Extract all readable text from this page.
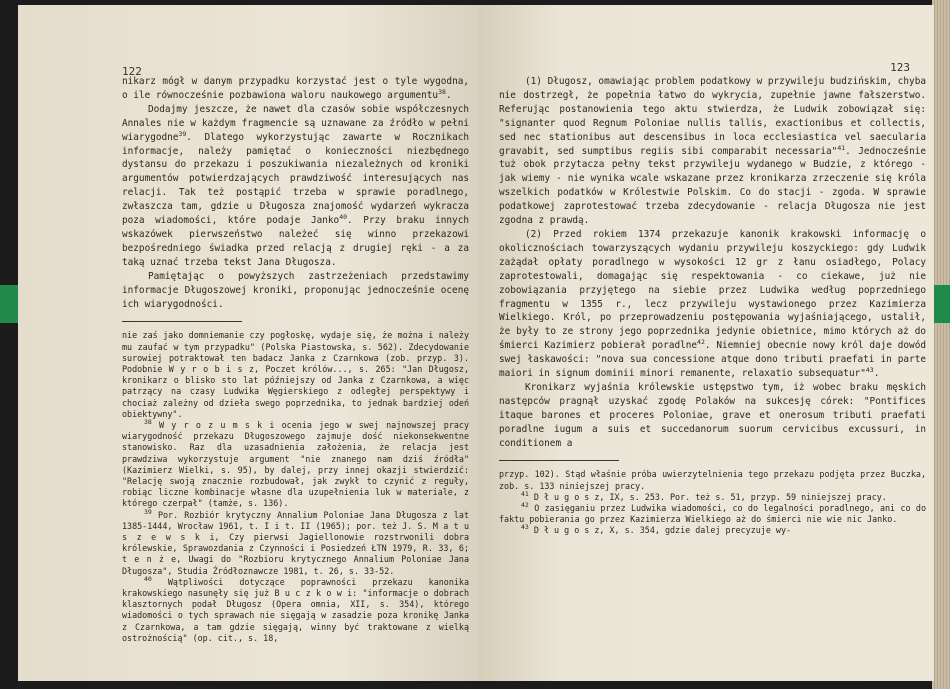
122

nikarz mógł w danym przypadku korzystać jest o tyle wygodna, o ile równocześnie pozbawiona waloru naukowego argumentu$^{38}$.

Dodajmy jeszcze, że nawet dla czasów sobie współczesnych Annales nie w każdym fragmencie są uznawane za źródło w pełni wiarygodne$^{39}$. Dlatego wykorzystując zawarte w Rocznikach informacje, należy pamiętać o konieczności niezbędnego dystansu do przekazu i poszukiwania niezależnych od kroniki argumentów potwierdzających prawdziwość interesujących nas relacji. Tak też postąpić trzeba w sprawie poradlnego, zwłaszcza tam, gdzie u Długosza znajomość wydarzeń wykracza poza wiadomości, które podaje Janko$^{40}$. Przy braku innych wskazówek pierwszeństwo należeć się winno przekazowi bezpośredniego świadka przed relacją z drugiej ręki - a za taką uznać trzeba tekst Jana Długosza.

Pamiętając o powyższych zastrzeżeniach przedstawimy informacje Długoszowej kroniki, proponując jednocześnie ocenę ich wiarygodności.

nie zaś jako domniemanie czy pogłoskę, wydaje się, że można i należy mu zaufać w tym przypadku" (Polska Piastowska, s. 562). Zdecydowanie surowiej potraktował ten badacz Janka z Czarnkowa (zob. przyp. 3). Podobnie W y r o b i s z, Poczet królów..., s. 265: "Jan Długosz, kronikarz o blisko sto lat późniejszy od Janka z Czarnkowa, a więc patrzący na czasy Ludwika Węgierskiego z odległej perspektywy i chociaż zależny od dzieła swego poprzednika, to jednak bardziej odeń obiektywny".

$^{38}$ W y r o z u m s k i ocenia jego w swej najnowszej pracy wiarygodność przekazu Długoszowego zajmuje dość niekonsekwentne stanowisko. Raz dla uzasadnienia założenia, że relacja jest prawdziwa wykorzystuje argument "nie znanego nam dziś źródła" (Kazimierz Wielki, s. 95), by dalej, przy innej okazji stwierdzić: "Relację swoją znacznie rozbudował, jak zwykł to czynić z reguły, robiąc liczne kombinacje własne dla uzupełnienia luk w materiale, z którego czerpał" (tamże, s. 136).

$^{39}$ Por. Rozbiór krytyczny Annalium Poloniae Jana Długosza z lat 1385-1444, Wrocław 1961, t. I i t. II (1965); por. też J. S. M a t u s z e w s k i, Czy pierwsi Jagiellonowie rozstrwonili dobra królewskie, Sprawozdania z Czynności i Posiedzeń ŁTN 1979, R. 33, 6; t e n ż e, Uwagi do "Rozbioru krytycznego Annalium Poloniae Jana Długosza", Studia Źródłoznawcze 1981, t. 26, s. 33-52.

$^{40}$ Wątpliwości dotyczące poprawności przekazu kanonika krakowskiego nasunęły się już B u c z k o w i: "informacje o dobrach klasztornych podał Długosz (Opera omnia, XII, s. 354), którego wiadomości o tych sprawach nie sięgają w zasadzie poza kronikę Janka z Czarnkowa, a tam gdzie sięgają, winny być traktowane z wielką ostrożnością" (op. cit., s. 18,

123

(1) Długosz, omawiając problem podatkowy w przywileju budzińskim, chyba nie dostrzegł, że popełnia łatwo do wykrycia, zupełnie jawne fałszerstwo. Referując postanowienia tego aktu stwierdza, że Ludwik zobowiązał się: "signanter quod Regnum Poloniae nullis tallis, exactionibus et collectis, sed nec stationibus aut descensibus in loca ecclesiastica vel saecularia gravabit, sed sumptibus regiis sibi comparabit necessaria"$^{41}$. Jednocześnie tuż obok przytacza pełny tekst przywileju wydanego w Budzie, z którego - jak wiemy - nie wynika wcale wskazane przez kronikarza zrzeczenie się króla wszelkich podatków w Królestwie Polskim. Co do stacji - zgoda. W sprawie podatkowej zaprotestować trzeba zdecydowanie - relacja Długosza nie jest zgodna z prawdą.

(2) Przed rokiem 1374 przekazuje kanonik krakowski informację o okolicznościach towarzyszących wydaniu przywileju koszyckiego: gdy Ludwik zażądał opłaty poradlnego w wysokości 12 gr z łanu osiadłego, Polacy zaprotestowali, domagając się respektowania - co ciekawe, już nie zobowiązania przyjętego na siebie przez Ludwika według poprzedniego fragmentu w 1355 r., lecz przywileju wystawionego przez Kazimierza Wielkiego. Król, po przeprowadzeniu postępowania wyjaśniającego, ustalił, że były to ze strony jego poprzednika jedynie obietnice, mimo których aż do śmierci Kazimierz pobierał poradlne$^{42}$. Niemniej obecnie nowy król daje dowód swej łaskawości: "nova sua concessione atque dono tributi praefati in parte maiori in signum dominii minori remanente, relaxatio subsequatur"$^{43}$.

Kronikarz wyjaśnia królewskie ustępstwo tym, iż wobec braku męskich następców pragnął uzyskać zgodę Polaków na sukcesję córek: "Pontifices itaque barones et proceres Poloniae, grave et onerosum tributi praefati poradlne iugum a suis et succedanorum suorum cervicibus excussuri, in conditionem a

przyp. 102). Stąd właśnie próba uwierzytelnienia tego przekazu podjęta przez Buczka, zob. s. 133 niniejszej pracy.

$^{41}$ D ł u g o s z, IX, s. 253. Por. też s. 51, przyp. 59 niniejszej pracy.

$^{42}$ O zasięganiu przez Ludwika wiadomości, co do legalności poradlnego, ani co do faktu pobierania go przez Kazimierza Wielkiego aż do śmierci nie wie nic Janko.

$^{43}$ D ł u g o s z, X, s. 354, gdzie dalej precyzuje wy-
